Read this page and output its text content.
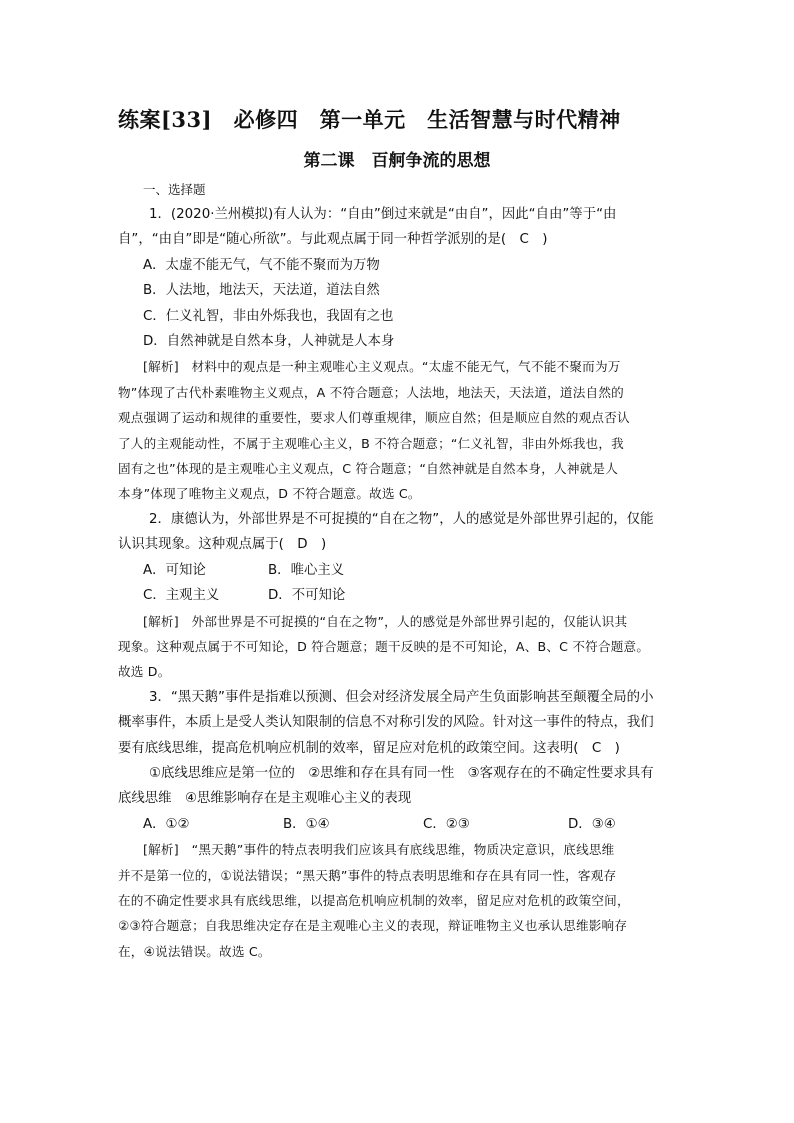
练案[33]　必修四　第一单元　生活智慧与时代精神
第二课　百舸争流的思想
一、选择题

1．(2020·兰州模拟)有人认为：“自由”倒过来就是“由自”，因此“自由”等于“由

自”，“由自”即是“随心所欲”。与此观点属于同一种哲学派别的是(　C　)

A．太虚不能无气，气不能不聚而为万物

B．人法地，地法天，天法道，道法自然

C．仁义礼智，非由外烁我也，我固有之也

D．自然神就是自然本身，人神就是人本身

[解析]　材料中的观点是一种主观唯心主义观点。“太虚不能无气，气不能不聚而为万

物”体现了古代朴素唯物主义观点，A 不符合题意；人法地，地法天，天法道，道法自然的

观点强调了运动和规律的重要性，要求人们尊重规律，顺应自然；但是顺应自然的观点否认

了人的主观能动性，不属于主观唯心主义，B 不符合题意；“仁义礼智，非由外烁我也，我

固有之也”体现的是主观唯心主义观点，C 符合题意；“自然神就是自然本身，人神就是人

本身”体现了唯物主义观点，D 不符合题意。故选 C。

2．康德认为，外部世界是不可捉摸的“自在之物”，人的感觉是外部世界引起的，仅能

认识其现象。这种观点属于(　D　)

A．可知论	B．唯心主义
C．主观主义	D．不可知论

[解析]　外部世界是不可捉摸的“自在之物”，人的感觉是外部世界引起的，仅能认识其

现象。这种观点属于不可知论，D 符合题意；题干反映的是不可知论，A、B、C 不符合题意。

故选 D。

3．“黑天鹅”事件是指难以预测、但会对经济发展全局产生负面影响甚至颠覆全局的小

概率事件，本质上是受人类认知限制的信息不对称引发的风险。针对这一事件的特点，我们

要有底线思维，提高危机响应机制的效率，留足应对危机的政策空间。这表明(　C　)

①底线思维应是第一位的　②思维和存在具有同一性　③客观存在的不确定性要求具有

底线思维　④思维影响存在是主观唯心主义的表现

A．①②	B．①④	C．②③	D．③④

[解析]　“黑天鹅”事件的特点表明我们应该具有底线思维，物质决定意识，底线思维

并不是第一位的，①说法错误；“黑天鹅”事件的特点表明思维和存在具有同一性，客观存

在的不确定性要求具有底线思维，以提高危机响应机制的效率，留足应对危机的政策空间，

②③符合题意；自我思维决定存在是主观唯心主义的表现，辩证唯物主义也承认思维影响存

在，④说法错误。故选 C。
